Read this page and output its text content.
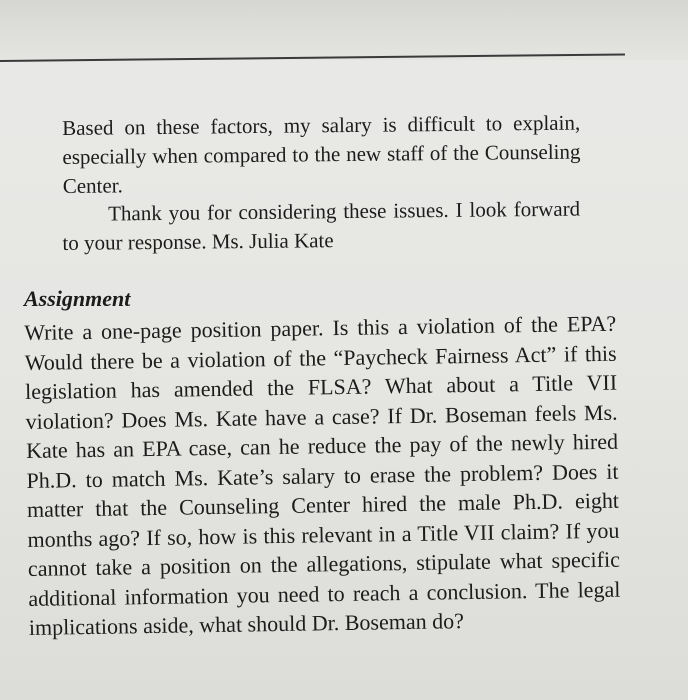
Based on these factors, my salary is difficult to explain, especially when compared to the new staff of the Counseling Center.

Thank you for considering these issues. I look forward to your response. Ms. Julia Kate

Assignment

Write a one-page position paper. Is this a violation of the EPA? Would there be a violation of the “Paycheck Fairness Act” if this legislation has amended the FLSA? What about a Title VII violation? Does Ms. Kate have a case? If Dr. Boseman feels Ms. Kate has an EPA case, can he reduce the pay of the newly hired Ph.D. to match Ms. Kate’s salary to erase the problem? Does it matter that the Counseling Center hired the male Ph.D. eight months ago? If so, how is this relevant in a Title VII claim? If you cannot take a position on the allegations, stipulate what specific additional information you need to reach a conclusion. The legal implications aside, what should Dr. Boseman do?
